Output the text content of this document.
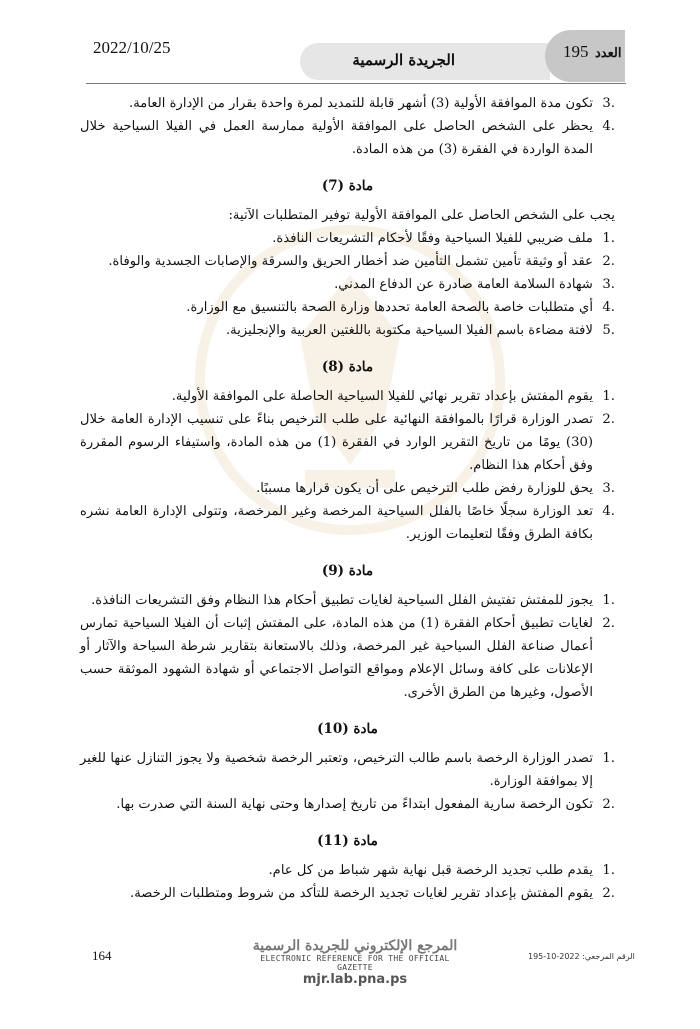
2022/10/25
الجريدة الرسمية	195 العدد
3.
تكون مدة الموافقة الأولية (3) أشهر قابلة للتمديد لمرة واحدة بقرار من الإدارة العامة.
4.
يحظر على الشخص الحاصل على الموافقة الأولية ممارسة العمل في الفيلا السياحية خلال المدة الواردة في الفقرة (3) من هذه المادة.
مادة (7)

يجب على الشخص الحاصل على الموافقة الأولية توفير المتطلبات الآتية:

1.
ملف ضريبي للفيلا السياحية وفقًا لأحكام التشريعات النافذة.
2.
عقد أو وثيقة تأمين تشمل التأمين ضد أخطار الحريق والسرقة والإصابات الجسدية والوفاة.
3.
شهادة السلامة العامة صادرة عن الدفاع المدني.
4.
أي متطلبات خاصة بالصحة العامة تحددها وزارة الصحة بالتنسيق مع الوزارة.
5.
لافتة مضاءة باسم الفيلا السياحية مكتوبة باللغتين العربية والإنجليزية.
مادة (8)
1.
يقوم المفتش بإعداد تقرير نهائي للفيلا السياحية الحاصلة على الموافقة الأولية.
2.
تصدر الوزارة قرارًا بالموافقة النهائية على طلب الترخيص بناءً على تنسيب الإدارة العامة خلال (30) يومًا من تاريخ التقرير الوارد في الفقرة (1) من هذه المادة، واستيفاء الرسوم المقررة وفق أحكام هذا النظام.
3.
يحق للوزارة رفض طلب الترخيص على أن يكون قرارها مسببًا.
4.
تعد الوزارة سجلًا خاصًا بالفلل السياحية المرخصة وغير المرخصة، وتتولى الإدارة العامة نشره بكافة الطرق وفقًا لتعليمات الوزير.
مادة (9)
1.
يجوز للمفتش تفتيش الفلل السياحية لغايات تطبيق أحكام هذا النظام وفق التشريعات النافذة.
2.
لغايات تطبيق أحكام الفقرة (1) من هذه المادة، على المفتش إثبات أن الفيلا السياحية تمارس أعمال صناعة الفلل السياحية غير المرخصة، وذلك بالاستعانة بتقارير شرطة السياحة والآثار أو الإعلانات على كافة وسائل الإعلام ومواقع التواصل الاجتماعي أو شهادة الشهود الموثقة حسب الأصول، وغيرها من الطرق الأخرى.
مادة (10)
1.
تصدر الوزارة الرخصة باسم طالب الترخيص، وتعتبر الرخصة شخصية ولا يجوز التنازل عنها للغير إلا بموافقة الوزارة.
2.
تكون الرخصة سارية المفعول ابتداءً من تاريخ إصدارها وحتى نهاية السنة التي صدرت بها.
مادة (11)
1.
يقدم طلب تجديد الرخصة قبل نهاية شهر شباط من كل عام.
2.
يقوم المفتش بإعداد تقرير لغايات تجديد الرخصة للتأكد من شروط ومتطلبات الرخصة.
164
المرجع الإلكتروني للجريدة الرسمية
ELECTRONIC REFERENCE FOR THE OFFICIAL GAZETTE
mjr.lab.pna.ps
الرقم المرجعي: 2022-10-195
